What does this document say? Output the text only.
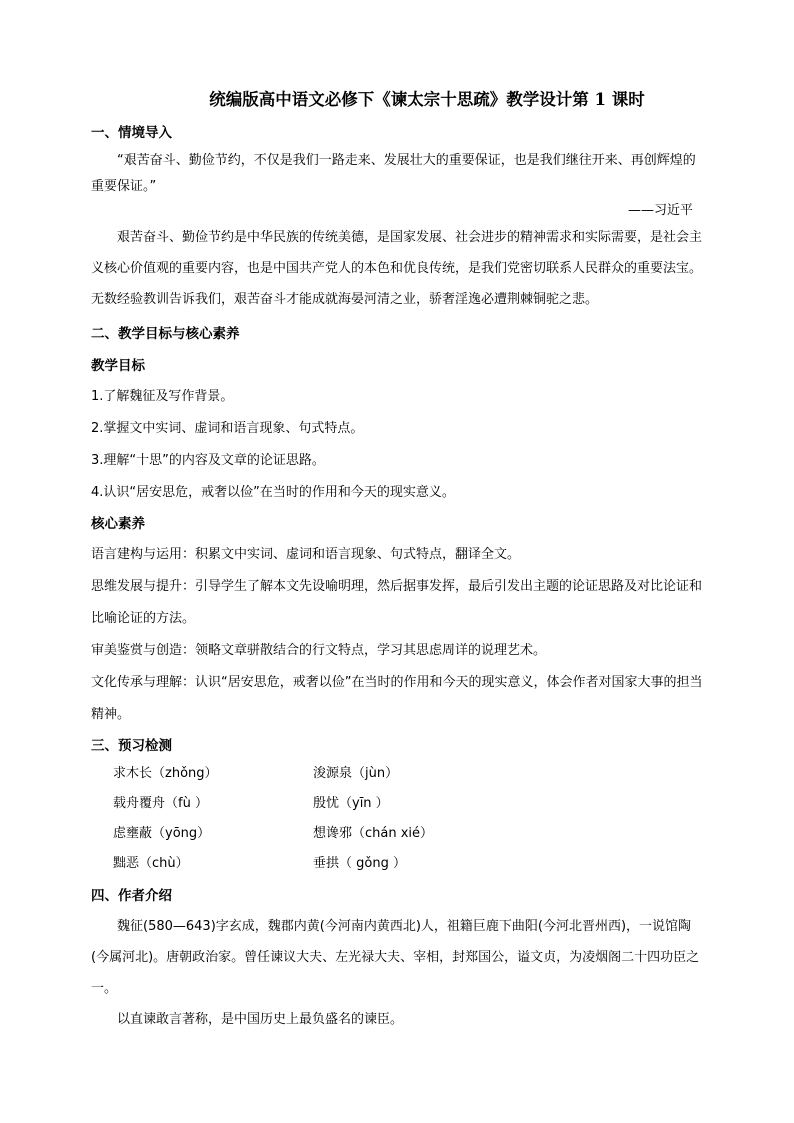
统编版高中语文必修下《谏太宗十思疏》教学设计第 1 课时

一、情境导入

“艰苦奋斗、勤俭节约，不仅是我们一路走来、发展壮大的重要保证，也是我们继往开来、再创辉煌的重要保证。”

——习近平

艰苦奋斗、勤俭节约是中华民族的传统美德，是国家发展、社会进步的精神需求和实际需要，是社会主义核心价值观的重要内容，也是中国共产党人的本色和优良传统，是我们党密切联系人民群众的重要法宝。无数经验教训告诉我们，艰苦奋斗才能成就海晏河清之业，骄奢淫逸必遭荆棘铜驼之悲。

二、教学目标与核心素养

教学目标

1.了解魏征及写作背景。

2.掌握文中实词、虚词和语言现象、句式特点。

3.理解“十思”的内容及文章的论证思路。

4.认识“居安思危，戒奢以俭”在当时的作用和今天的现实意义。

核心素养

语言建构与运用：积累文中实词、虚词和语言现象、句式特点，翻译全文。

思维发展与提升：引导学生了解本文先设喻明理，然后据事发挥，最后引发出主题的论证思路及对比论证和比喻论证的方法。

审美鉴赏与创造：领略文章骈散结合的行文特点，学习其思虑周详的说理艺术。

文化传承与理解：认识“居安思危，戒奢以俭”在当时的作用和今天的现实意义，体会作者对国家大事的担当精神。

三、预习检测

求木长（zhǒng）	浚源泉（jùn）
载舟覆舟（fù ）	殷忧（yīn ）
虑壅蔽（yōng）	想谗邪（chán xié）
黜恶（chù）	垂拱（ gǒng ）

四、作者介绍

魏征(580—643)字玄成，魏郡内黄(今河南内黄西北)人，祖籍巨鹿下曲阳(今河北晋州西)，一说馆陶(今属河北)。唐朝政治家。曾任谏议大夫、左光禄大夫、宰相，封郑国公，谥文贞，为凌烟阁二十四功臣之一。

以直谏敢言著称，是中国历史上最负盛名的谏臣。
